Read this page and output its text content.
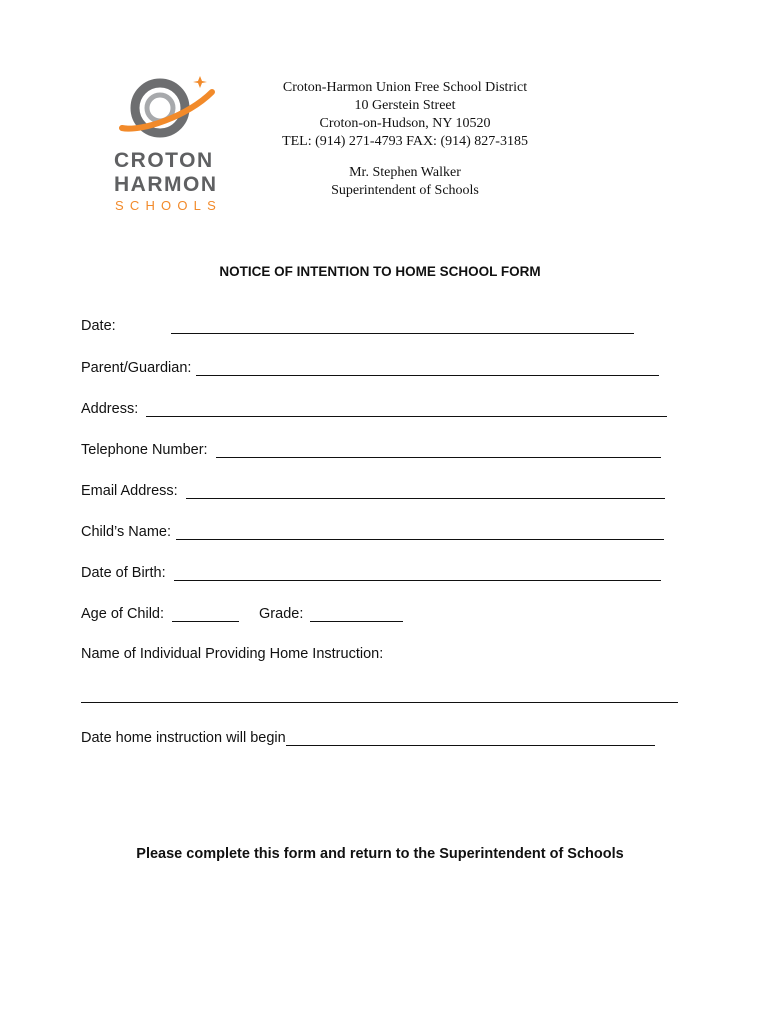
CROTON
HARMON
SCHOOLS
Croton-Harmon Union Free School District
10 Gerstein Street
Croton-on-Hudson, NY 10520
TEL: (914) 271-4793 FAX: (914) 827-3185
Mr. Stephen Walker
Superintendent of Schools
NOTICE OF INTENTION TO HOME SCHOOL FORM
Date:
Parent/Guardian:
Address:
Telephone Number:
Email Address:
Child’s Name:
Date of Birth:
Age of Child:	Grade:
Name of Individual Providing Home Instruction:
Date home instruction will begin
Please complete this form and return to the Superintendent of Schools
